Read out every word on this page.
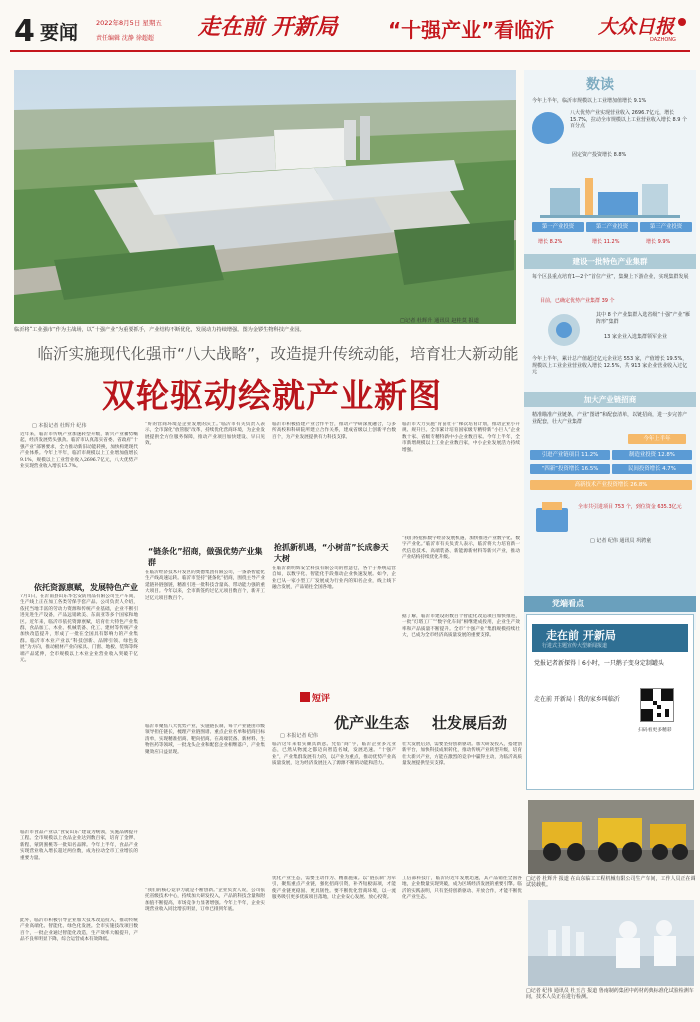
4 要闻	2022年8月5日 星期五
责任编辑 沈静 徐超超 走在前 开新局	“十强产业”看临沂 大众日报
DAZHONG
临沂将“工业强市”作为主战场，以“十强产业”为重要抓手，产业结构不断优化，发展动力持续增强。图为金锣生物科技产业园。
□记者 杜辉升 通讯员 赵桂莫 报道
临沂实施现代化强市“八大战略”，改造提升传统动能，培育壮大新动能
双轮驱动绘就产业新图
□ 本报记者 杜辉升 纪伟
近年来，临沂市传统产业加速转型升级，新兴产业蓄势崛起，经济发展势头强劲。临沂市认真落实省委、省政府“十强产业”部署要求，全力推动新旧动能转换，加快构建现代产业体系。今年上半年，临沂市规模以上工业增加值增长9.1%，规模以上工业营业收入2696.7亿元，八大优势产业实现营业收入增长15.7%。
依托资源禀赋，发展特色产业
7月1日，在沂南县山东华宏安防用品有限公司生产车间，生产线上正在加工各类劳保手套产品。公司负责人介绍，依托当地丰富的劳动力资源和传统产业基础，企业不断引进先进生产设备，产品远销欧美、东南亚等多个国家和地区。近年来，临沂市依托资源禀赋，培育壮大特色产业集群，食品加工、木业、机械装备、化工、建材等传统产业加快改造提升，形成了一批在全国具有影响力的产业集群。临沂市木业产业以“科技创新、品牌引领、绿色发展”为方向，推动板材产业向家具、门窗、地板、装饰等终端产品延伸，全市规模以上木业企业营业收入突破千亿元。
临沂市食品产业以“食安山东”建设为统领，实施品牌提升工程。全市规模以上食品企业达到数百家，培育了金锣、新程、蒙阴蜜桃等一批知名品牌。今年上半年，食品产业实现营业收入增长超过两位数，成为拉动全市工业增长的重要力量。
此外，临沂市积极引导企业加大技术改造投入，推动传统产业高端化、智能化、绿色化发展。全市实施技改项目数百个，一批企业通过智能化改造，生产效率大幅提升，产品不良率明显下降，综合运营成本有效降低。
“好的营商环境是企业发展的沃土。”临沂市有关负责人表示，全市深化“放管服”改革，持续优化营商环境，为企业发展提供全方位服务保障，推动产业项目加快建设、早日见效。
“链条化”招商，做强优势产业集群
在临沂经济技术开发区的奥德集团有限公司，一条条智能化生产线高速运转。临沂市坚持“链条化”招商，围绕主导产业延链补链强链，精准引进一批科技含量高、带动能力强的重大项目。今年以来，全市新签约过亿元项目数百个，新开工过亿元项目数百个。
临沂市聚焦八大优势产业，实施链长制，每个产业链由市级领导担任链长，梳理产业链图谱、重点企业名单和招商目标清单，实现精准招商、靶向招商。在高端装备、新材料、生物医药等领域，一批龙头企业和配套企业相继落户，产业集聚效应日益显现。
“我们的核心竞争力就是不断创新。”企业负责人说，公司依托省级技术中心，持续加大研发投入，产品的科技含量和附加值不断提高，市场竞争力显著增强。今年上半年，企业实现营业收入同比增长明显，订单已排到年底。
临沂市积极搭建产业合作平台，推动产学研深度融合，与多所高校和科研院所建立合作关系，建成省级以上创新平台数百个，为产业发展提供有力科技支撑。
抢抓新机遇，“小树苗”长成参天大树
在临沂新明辉安全科技有限公司的智慧仓，各个子系统运营自如，以数字化、智能化手段推动企业快速发展。如今，企业已从一家小型工厂发展成为行业内的知名企业，线上线下融合发展，产品销往全国各地。
临沂市大力实施“育苗壮干”梯次培育计划，推动企业小升规、规升巨。全市累计培育国家级专精特新“小巨人”企业数十家、省级专精特新中小企业数百家。今年上半年，全市新增规模以上工业企业数百家，中小企业发展活力持续增强。
“我们将抢抓数字经济发展机遇，加快推进产业数字化、数字产业化。”临沂市有关负责人表示，临沂将大力培育新一代信息技术、高端装备、新能源新材料等新兴产业，推动产业结构持续优化升级。
据了解，临沂市建设的数百个智能化改造项目加快推进，一批“灯塔工厂”“数字化车间”相继建成投用，企业生产效率和产品质量不断提升。全市“十强产业”集群规模持续壮大，已成为全市经济高质量发展的重要支撑。
数读
今年上半年，临沂市规模以上工业增加值增长 9.1%
八大优势产业实现营业收入 2696.7亿元，增长 15.7%，拉动全市规模以上工业营业收入增长 8.9 个百分点
固定资产投资增长 8.8%
第一产业投资	第二产业投资	第三产业投资
增长 8.2%	增长 11.2%	增长 9.9%
建设一批特色产业集群
每个区县重点培育1—2个“首位产业”，集聚上下游企业，实现集群发展
目前，已确定优势产业集群 39 个
其中 8 个产业集群入选省级“十强”产业“雁阵形”集群
13 家企业入选集群领军企业
今年上半年，累计总产值超过亿元企业达 553 家，产值增长 19.5%，规模以上工业企业营业收入增长 12.5%，共 913 家企业营业收入过亿元
加大产业链招商
精准瞄准产业链条，产业“图谱”和配套清单，以链招商，进一步完善产业配套，壮大产业集群
今年上半年
引进产业链项目 11.2%	制造业投资 12.8%
“四新”投资增长 16.5%	民间投资增长 4.7%
高新技术产业投资增长 26.8%
全市共引进项目 753 个，到位资金 635.3亿元
□ 记者 纪伟 通讯员 巩骋童
党端看点
走在前 开新局
行进式主题宣传大型新闻报道
党报记者新探得｜6小时，一只鹅子变身定制罐头
走在前 开新局｜我的家乡叫临沂
扫码看更多精彩
短评
优产业生态 壮发展后劲
□ 本报记者 纪伟
临沂这年来着实颇具新意。凭借“商”字，临沂企业多元业态，已然从物流之都迈向智造名城，发展迅速。“十强产业”，产业集群发展有力的，以产业为重点，推动优势产业高质量发展，这为经济发展注入了源源不断的动能和活力。
优化产业生态，需要主动作为、精准施策。以“链长制”为牵引，聚焦重点产业链，强化招商引资，补齐短板弱项，才能使产业链更稳固、更具韧性。要不断优化营商环境，以一流服务吸引更多优质项目落地，让企业安心发展、放心投资。
壮大发展后劲，需要坚持创新驱动。加大研发投入，搭建创新平台，加快科技成果转化，推动传统产业转型升级，培育壮大新兴产业，方能在激烈的竞争中赢得主动，为临沂高质量发展提供坚实支撑。
工信部科技厅，临沂的近年发展迅速，其产品销往全国各地，企业数量实现突破，成为区域经济发展的重要引擎。临沂的实践表明，只有坚持创新驱动、开放合作，才能不断优化产业生态。
□记者 杜辉升 报道 在山东临工工程机械有限公司生产车间，工作人员正在调试装载机。
□记者 纪伟 通讯员 杜玉吉 报道 鲁南制药集团中药材药典标准化试验检测车间，技术人员正在进行检测。
